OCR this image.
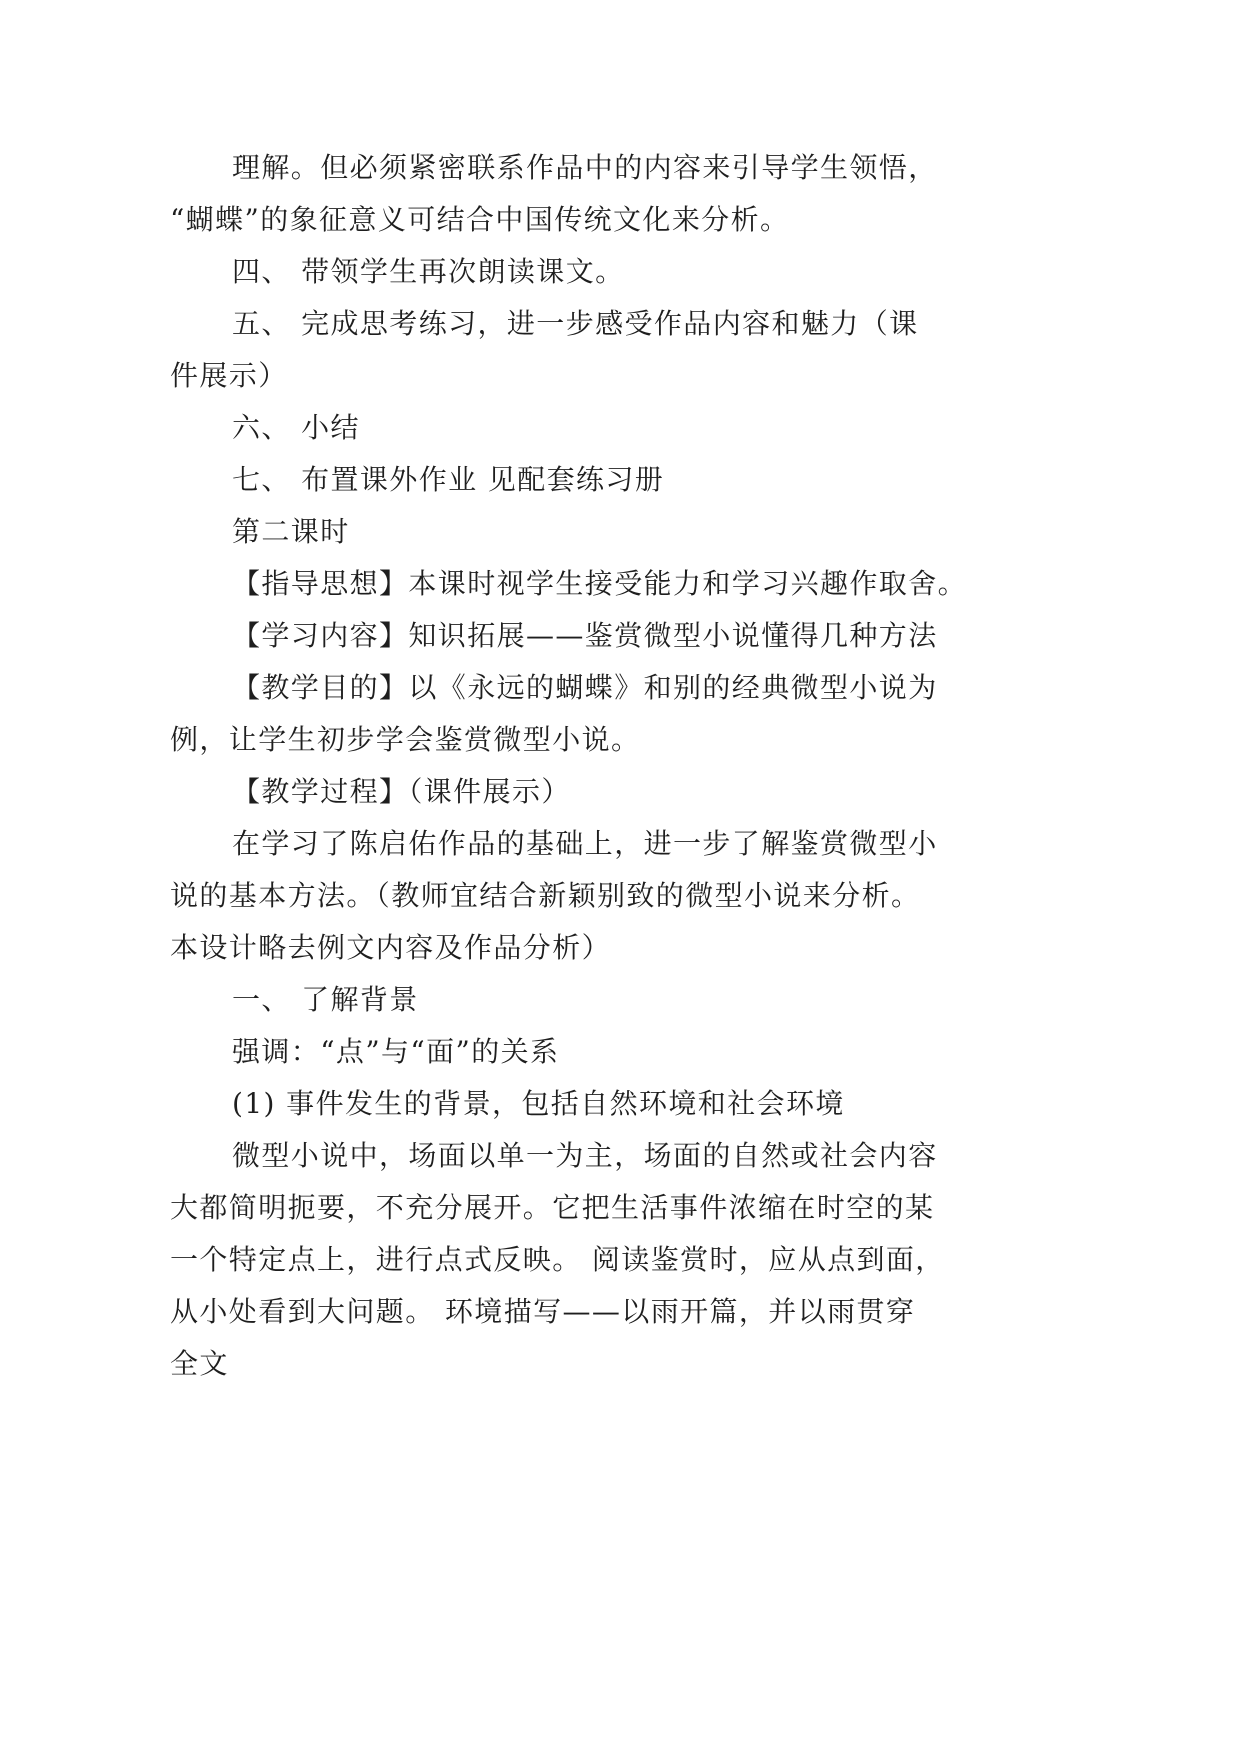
理解。但必须紧密联系作品中的内容来引导学生领悟，
“蝴蝶”的象征意义可结合中国传统文化来分析。
四、 带领学生再次朗读课文。
五、 完成思考练习，进一步感受作品内容和魅力（课
件展示）
六、 小结
七、 布置课外作业 见配套练习册
第二课时
【指导思想】本课时视学生接受能力和学习兴趣作取舍。
【学习内容】知识拓展——鉴赏微型小说懂得几种方法
【教学目的】以《永远的蝴蝶》和别的经典微型小说为
例，让学生初步学会鉴赏微型小说。
【教学过程】（课件展示）
在学习了陈启佑作品的基础上，进一步了解鉴赏微型小
说的基本方法。（教师宜结合新颖别致的微型小说来分析。
本设计略去例文内容及作品分析）
一、 了解背景
强调：“点”与“面”的关系
(1) 事件发生的背景，包括自然环境和社会环境
微型小说中，场面以单一为主，场面的自然或社会内容
大都简明扼要，不充分展开。它把生活事件浓缩在时空的某
一个特定点上，进行点式反映。 阅读鉴赏时，应从点到面，
从小处看到大问题。 环境描写——以雨开篇，并以雨贯穿
全文
